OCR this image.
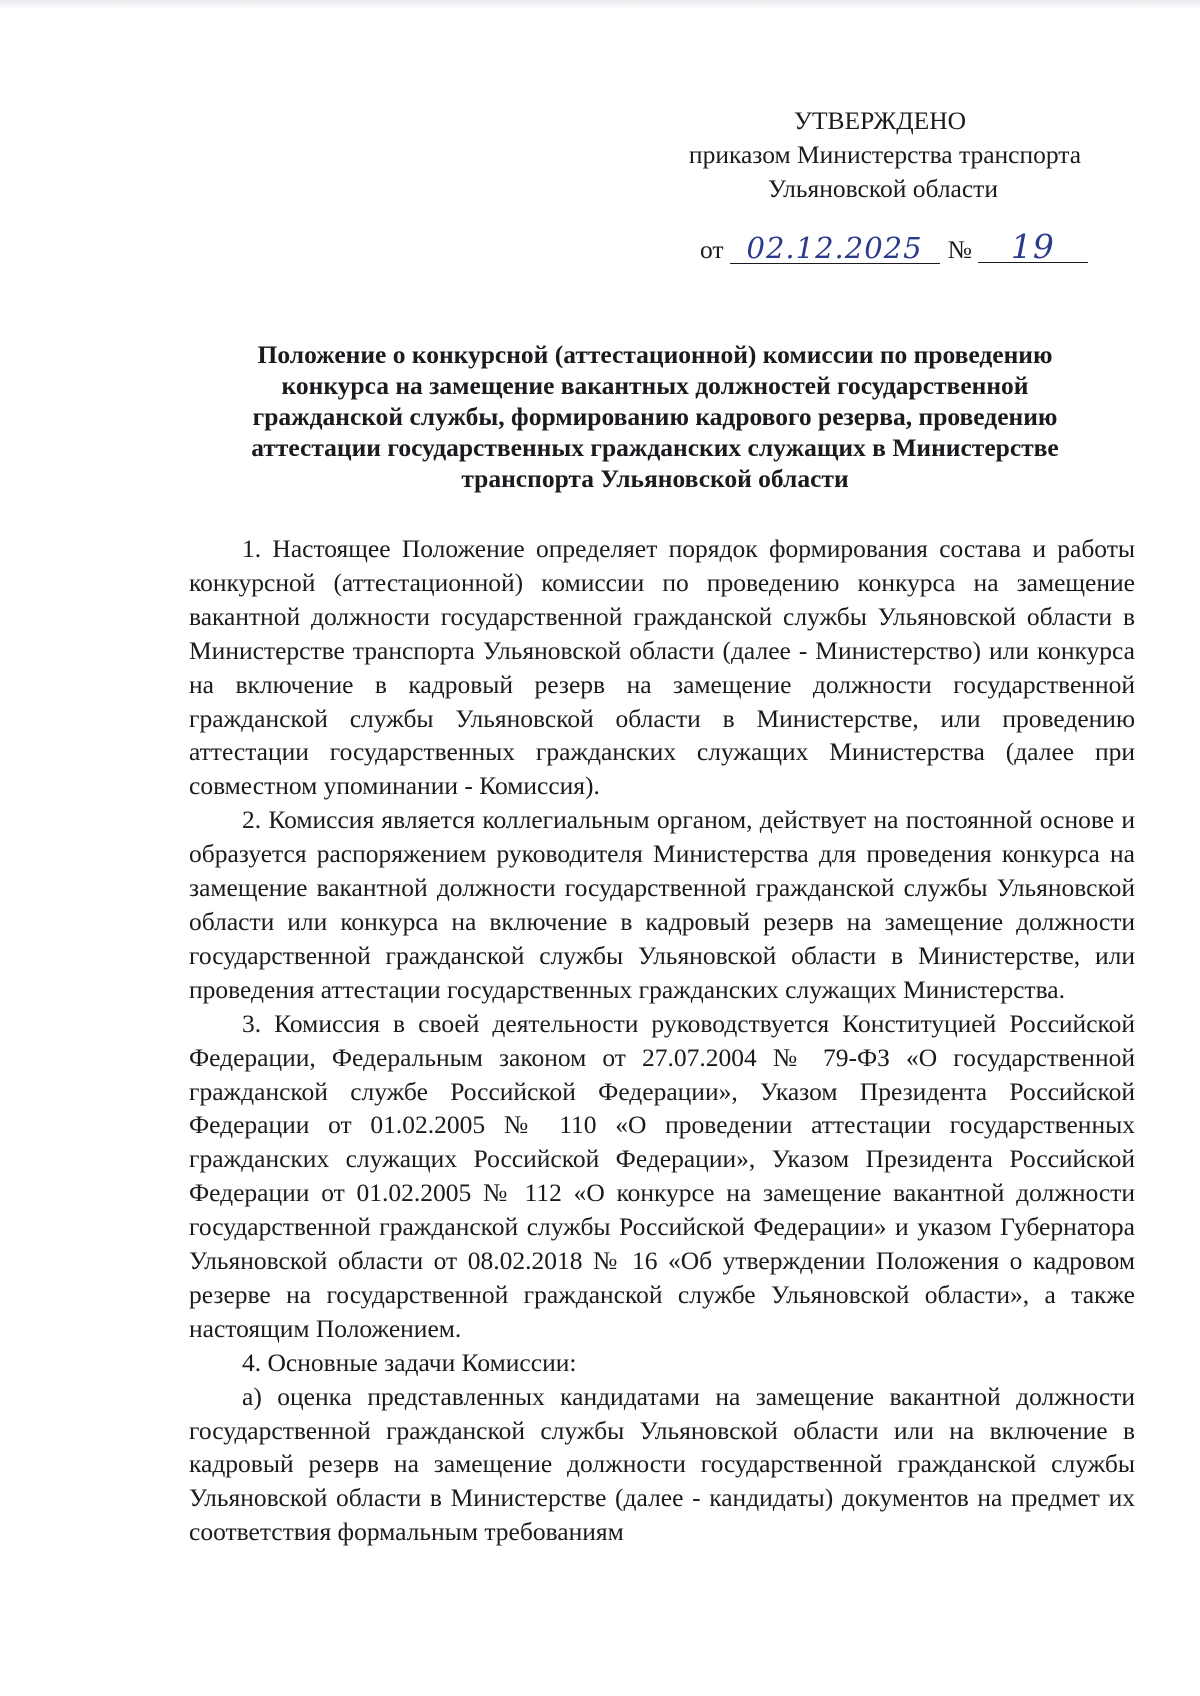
УТВЕРЖДЕНО
приказом Министерства транспорта
Ульяновской области
от 02.12.2025 № 19
Положение о конкурсной (аттестационной) комиссии по проведению
конкурса на замещение вакантных должностей государственной
гражданской службы, формированию кадрового резерва, проведению
аттестации государственных гражданских служащих в Министерстве
транспорта Ульяновской области

1. Настоящее Положение определяет порядок формирования состава и работы конкурсной (аттестационной) комиссии по проведению конкурса на замещение вакантной должности государственной гражданской службы Ульяновской области в Министерстве транспорта Ульяновской области (далее - Министерство) или конкурса на включение в кадровый резерв на замещение должности государственной гражданской службы Ульяновской области в Министерстве, или проведению аттестации государственных гражданских служащих Министерства (далее при совместном упоминании - Комиссия).

2. Комиссия является коллегиальным органом, действует на постоянной основе и образуется распоряжением руководителя Министерства для проведения конкурса на замещение вакантной должности государственной гражданской службы Ульяновской области или конкурса на включение в кадровый резерв на замещение должности государственной гражданской службы Ульяновской области в Министерстве, или проведения аттестации государственных гражданских служащих Министерства.

3. Комиссия в своей деятельности руководствуется Конституцией Российской Федерации, Федеральным законом от 27.07.2004 № 79-ФЗ «О государственной гражданской службе Российской Федерации», Указом Президента Российской Федерации от 01.02.2005 № 110 «О проведении аттестации государственных гражданских служащих Российской Федерации», Указом Президента Российской Федерации от 01.02.2005 № 112 «О конкурсе на замещение вакантной должности государственной гражданской службы Российской Федерации» и указом Губернатора Ульяновской области от 08.02.2018 № 16 «Об утверждении Положения о кадровом резерве на государственной гражданской службе Ульяновской области», а также настоящим Положением.

4. Основные задачи Комиссии:

а) оценка представленных кандидатами на замещение вакантной должности государственной гражданской службы Ульяновской области или на включение в кадровый резерв на замещение должности государственной гражданской службы Ульяновской области в Министерстве (далее - кандидаты) документов на предмет их соответствия формальным требованиям
